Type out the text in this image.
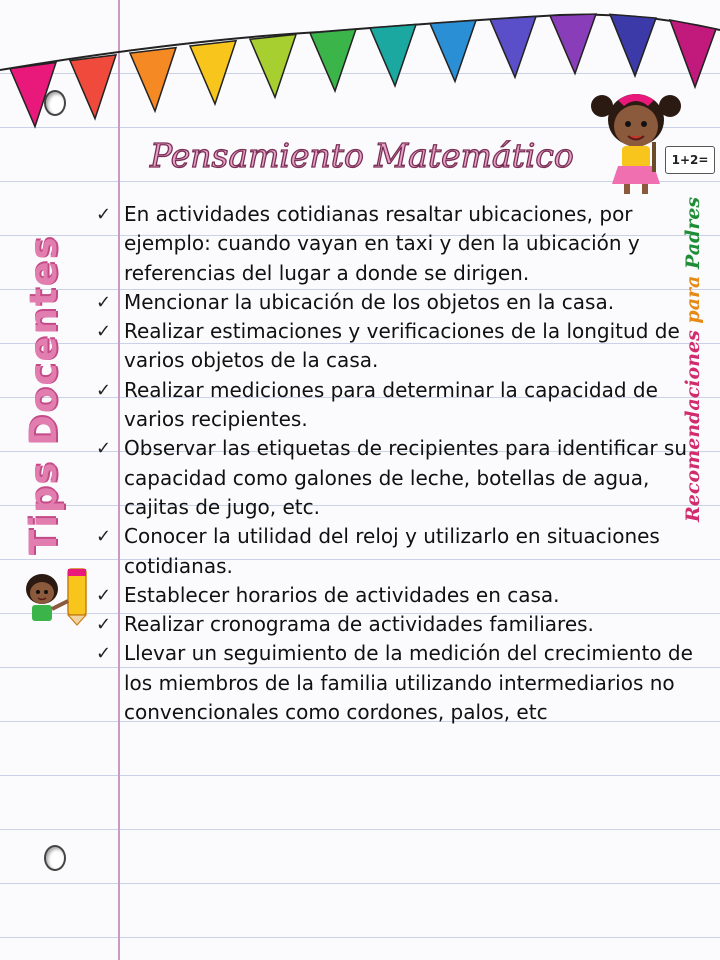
Pensamiento Matemático
Tips Docentes	Recomendaciones para Padres
1+2=
✓ En actividades cotidianas resaltar ubicaciones, por ejemplo: cuando vayan en taxi y den la ubicación y referencias del lugar a donde se dirigen.
✓ Mencionar la ubicación de los objetos en la casa.
✓ Realizar estimaciones y verificaciones de la longitud de varios objetos de la casa.
✓ Realizar mediciones para determinar la capacidad de varios recipientes.
✓ Observar las etiquetas de recipientes para identificar su capacidad como galones de leche, botellas de agua, cajitas de jugo, etc.
✓ Conocer la utilidad del reloj y utilizarlo en situaciones cotidianas.
✓ Establecer horarios de actividades en casa.
✓ Realizar cronograma de actividades familiares.
✓ Llevar un seguimiento de la medición del crecimiento de los miembros de la familia utilizando intermediarios no convencionales como cordones, palos, etc
